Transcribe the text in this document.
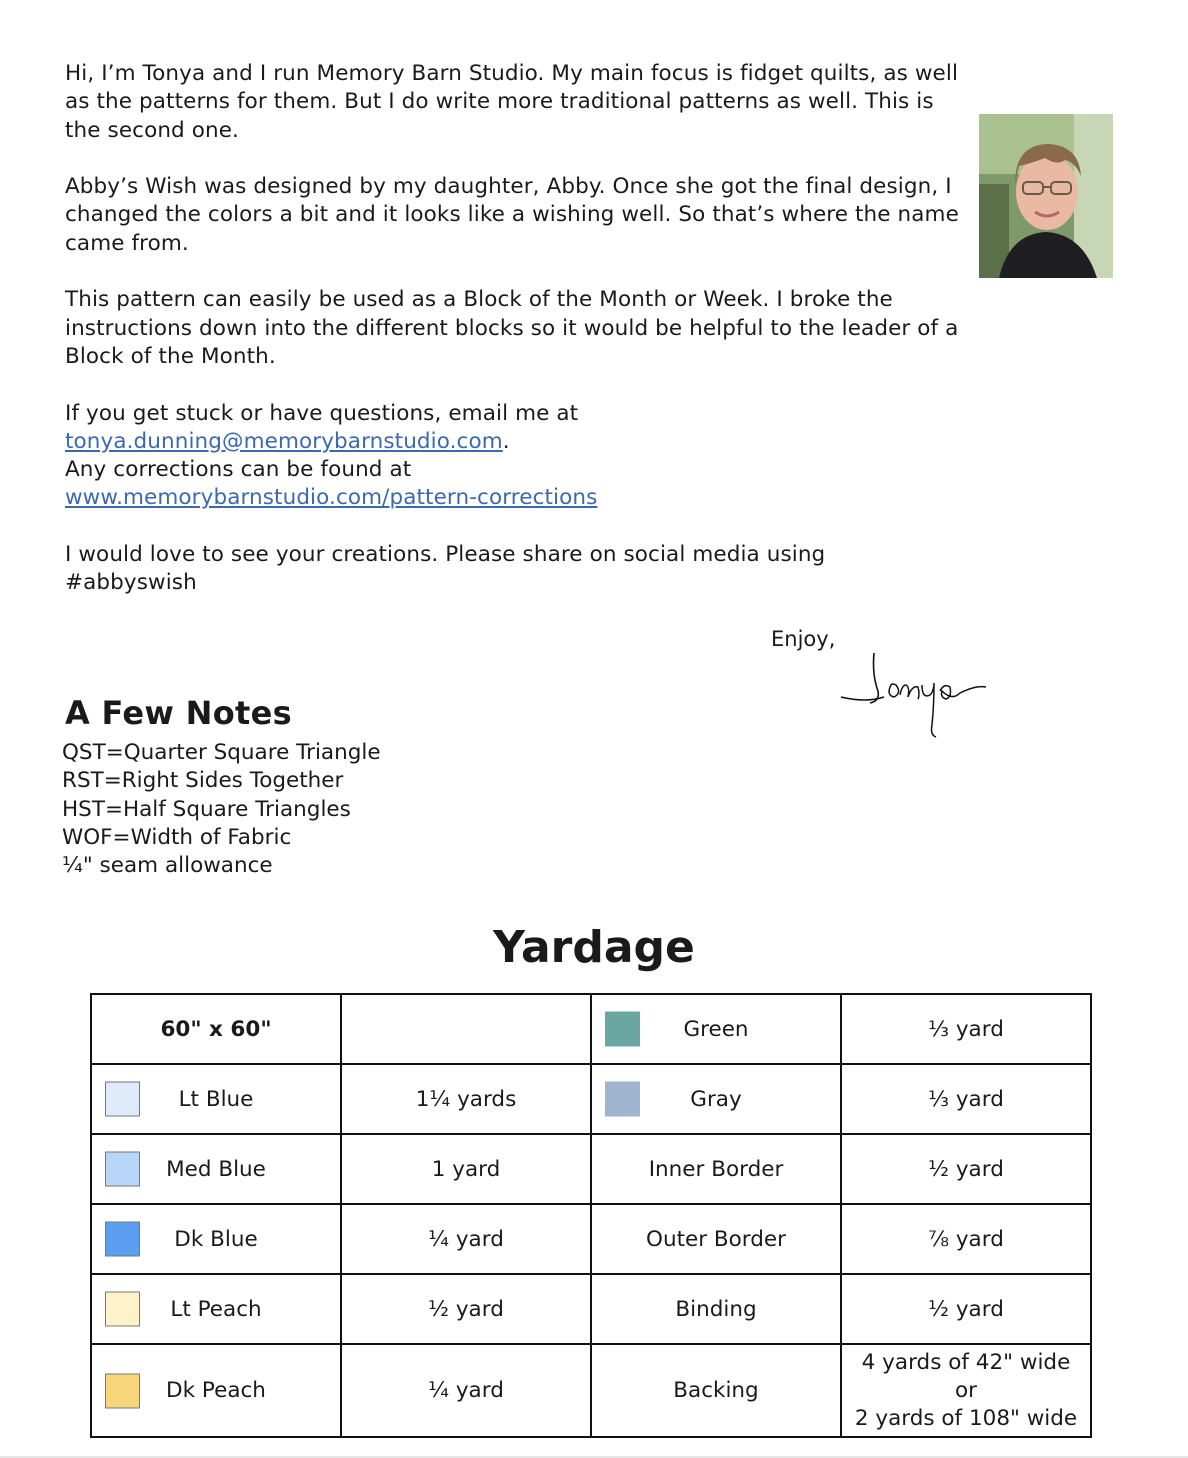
Hi, I’m Tonya and I run Memory Barn Studio. My main focus is fidget quilts, as well as the patterns for them. But I do write more traditional patterns as well. This is the second one.

Abby’s Wish was designed by my daughter, Abby. Once she got the final design, I changed the colors a bit and it looks like a wishing well. So that’s where the name came from.

This pattern can easily be used as a Block of the Month or Week. I broke the instructions down into the different blocks so it would be helpful to the leader of a Block of the Month.

If you get stuck or have questions, email me at
tonya.dunning@memorybarnstudio.com.
Any corrections can be found at
www.memorybarnstudio.com/pattern-corrections

I would love to see your creations. Please share on social media using #abbyswish

Enjoy,
A Few Notes
QST=Quarter Square Triangle
RST=Right Sides Together
HST=Half Square Triangles
WOF=Width of Fabric
¼" seam allowance
Yardage
60" x 60"		Green	⅓ yard

Lt Blue	1¼ yards	Gray	⅓ yard

Med Blue	1 yard	Inner Border	½ yard

Dk Blue	¼ yard	Outer Border	⅞ yard

Lt Peach	½ yard	Binding	½ yard

Dk Peach	¼ yard	Backing	4 yards of 42" wide
or
2 yards of 108" wide
